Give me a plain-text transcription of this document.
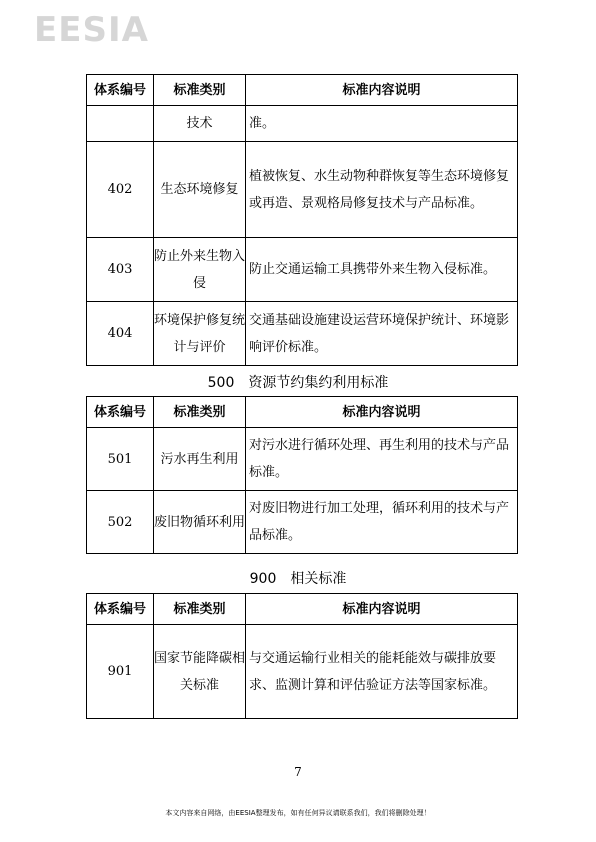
EESIA
体系编号	标准类别	标准内容说明
	技术	准。
402	生态环境修复	植被恢复、水生动物种群恢复等生态环境修复或再造、景观格局修复技术与产品标准。
403	防止外来生物入侵	防止交通运输工具携带外来生物入侵标准。
404	环境保护修复统计与评价	交通基础设施建设运营环境保护统计、环境影响评价标准。
500　资源节约集约利用标准
体系编号	标准类别	标准内容说明
501	污水再生利用	对污水进行循环处理、再生利用的技术与产品标准。
502	废旧物循环利用	对废旧物进行加工处理，循环利用的技术与产品标准。
900　相关标准
体系编号	标准类别	标准内容说明
901	国家节能降碳相关标准	与交通运输行业相关的能耗能效与碳排放要求、监测计算和评估验证方法等国家标准。
7
本文内容来自网络，由EESIA整理发布，如有任何异议请联系我们，我们将删除处理！
